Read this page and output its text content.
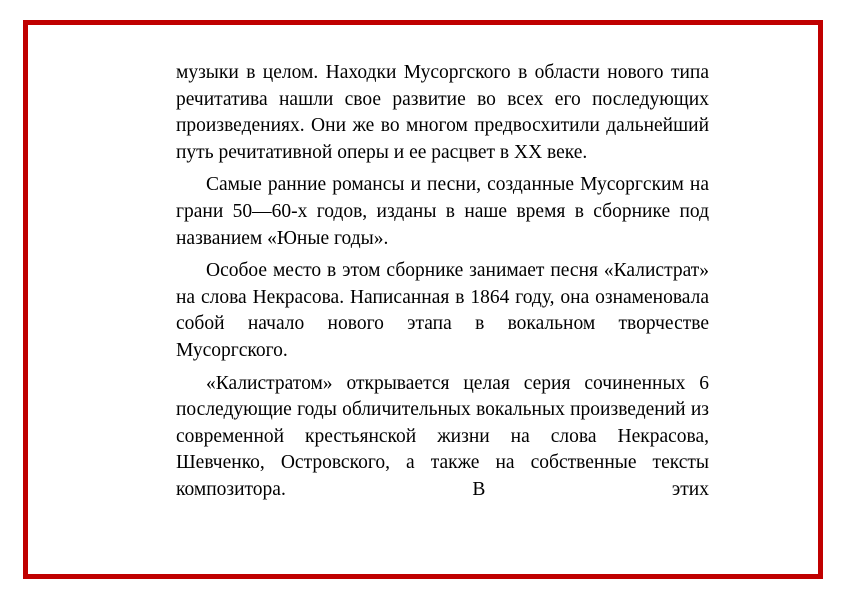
музыки в целом. Находки Мусоргского в области нового типа речитатива нашли свое развитие во всех его последующих произведениях. Они же во многом предвосхитили дальнейший путь речитативной оперы и ее расцвет в XX веке.

Самые ранние романсы и песни, созданные Мусоргским на грани 50—60-х годов, изданы в наше время в сборнике под названием «Юные годы».

Особое место в этом сборнике занимает песня «Калистрат» на слова Некрасова. Написанная в 1864 году, она ознаменовала собой начало нового этапа в вокальном творчестве Мусоргского.

«Калистратом» открывается целая серия сочиненных 6 последующие годы обличительных вокальных произведений из современной крестьянской жизни на слова Некрасова, Шевченко, Островского, а также на собственные тексты композитора. В этих
